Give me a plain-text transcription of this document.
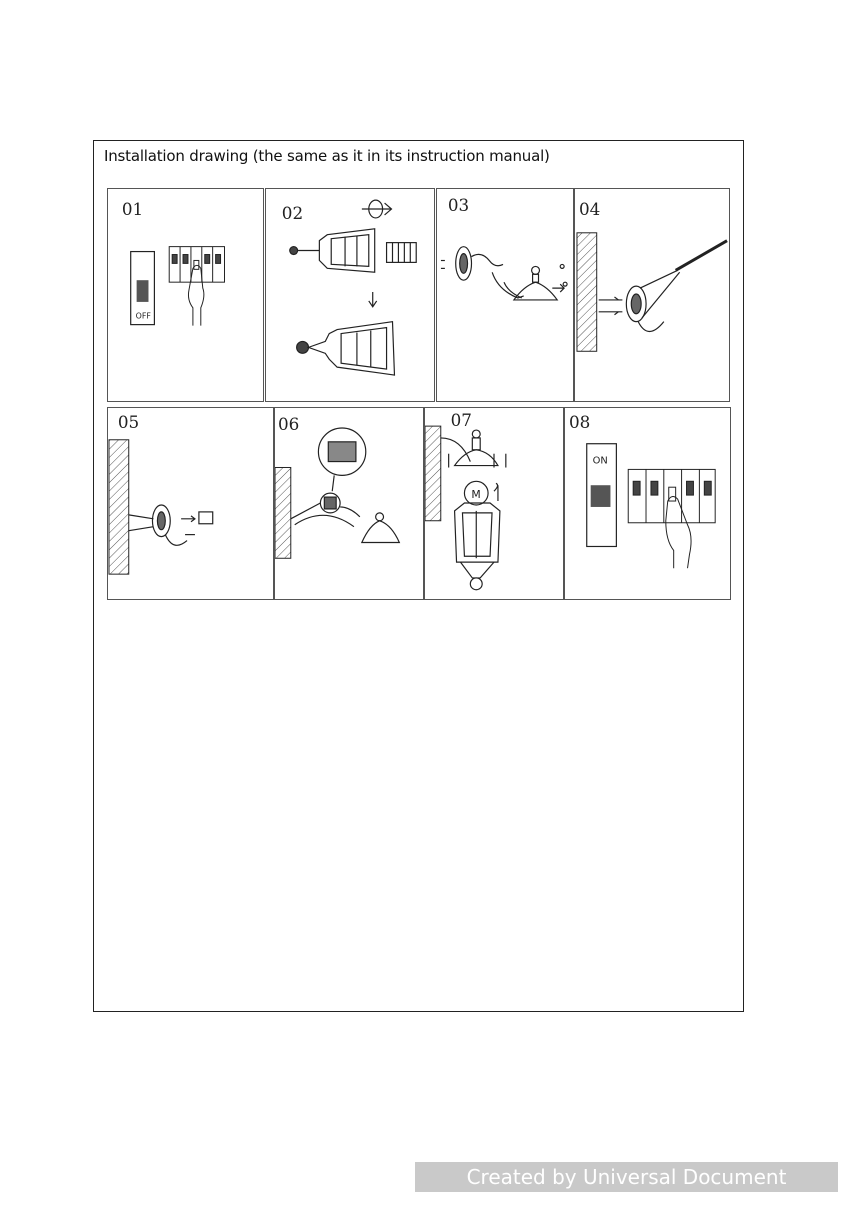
Installation drawing (the same as it in its instruction manual)
01
OFF
02	03	04
05	06	07
M
08
ON
Created by Universal Document Converter
